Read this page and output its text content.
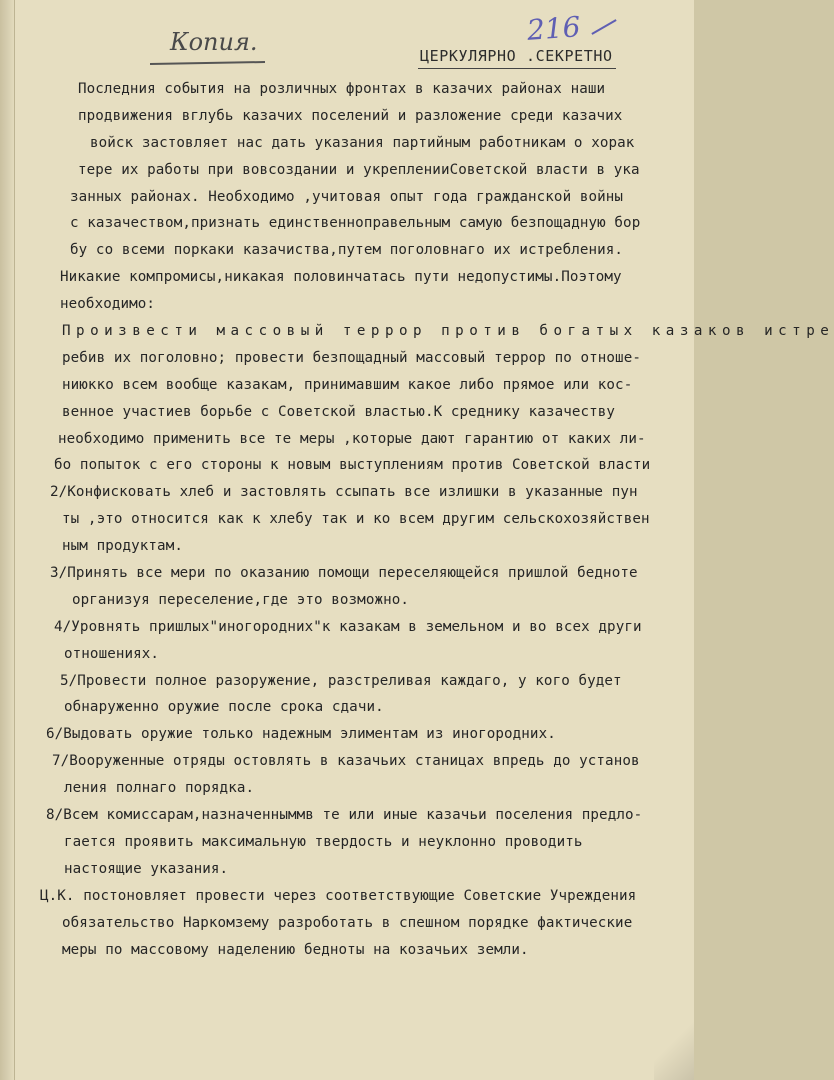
Копия.	216
ЦЕРКУЛЯРНО .СЕКРЕТНО
Последния события на розличных фронтах в казачих районах наши
продвижения вглубь казачих поселений и разложение среди казачих
войск застовляет нас дать указания партийным работникам о хорак
тере их работы при вовсоздании и укрепленииСоветской власти в ука
занных районах. Необходимо ,учитовая опыт года гражданской войны
с казачеством,признать единственноправельным самую безпощадную бор
бу со всеми поркаки казачиства,путем поголовнаго их истребления.
Никакие компромисы,никакая половинчатась пути недопустимы.Поэтому
необходимо:
Произвести массовый террор против богатых казаков истре
ребив их поголовно; провести безпощадный массовый террор по отноше-
ниюкко всем вообще казакам, принимавшим какое либо прямое или кос-
венное участиев борьбе с Советской властью.К среднику казачеству
необходимо применить все те меры ,которые дают гарантию от каких ли-
бо попыток с его стороны к новым выступлениям против Советской власти
2/Конфисковать хлеб и застовлять ссыпать все излишки в указанные пун
ты ,это относится как к хлебу так и ко всем другим сельскохозяйствен
ным продуктам.
3/Принять все мери по оказанию помощи переселяющейся пришлой бедноте
организуя переселение,где это возможно.
4/Уровнять пришлых"иногородних"к казакам в земельном и во всех други
отношениях.
5/Провести полное разоружение, разстреливая каждаго, у кого будет
обнаруженно оружие после срока сдачи.
6/Выдовать оружие только надежным элиментам из иногородних.
7/Вооруженные отряды остовлять в казачьих станицах впредь до установ
ления полнаго порядка.
8/Всем комиссарам,назначенныммв те или иные казачьи поселения предло-
гается проявить максимальную твердость и неуклонно проводить
настоящие указания.
Ц.К. постоновляет провести через соответствующие Советские Учреждения
обязательство Наркомзему разроботать в спешном порядке фактические
меры по массовому наделению бедноты на козачьих земли.
